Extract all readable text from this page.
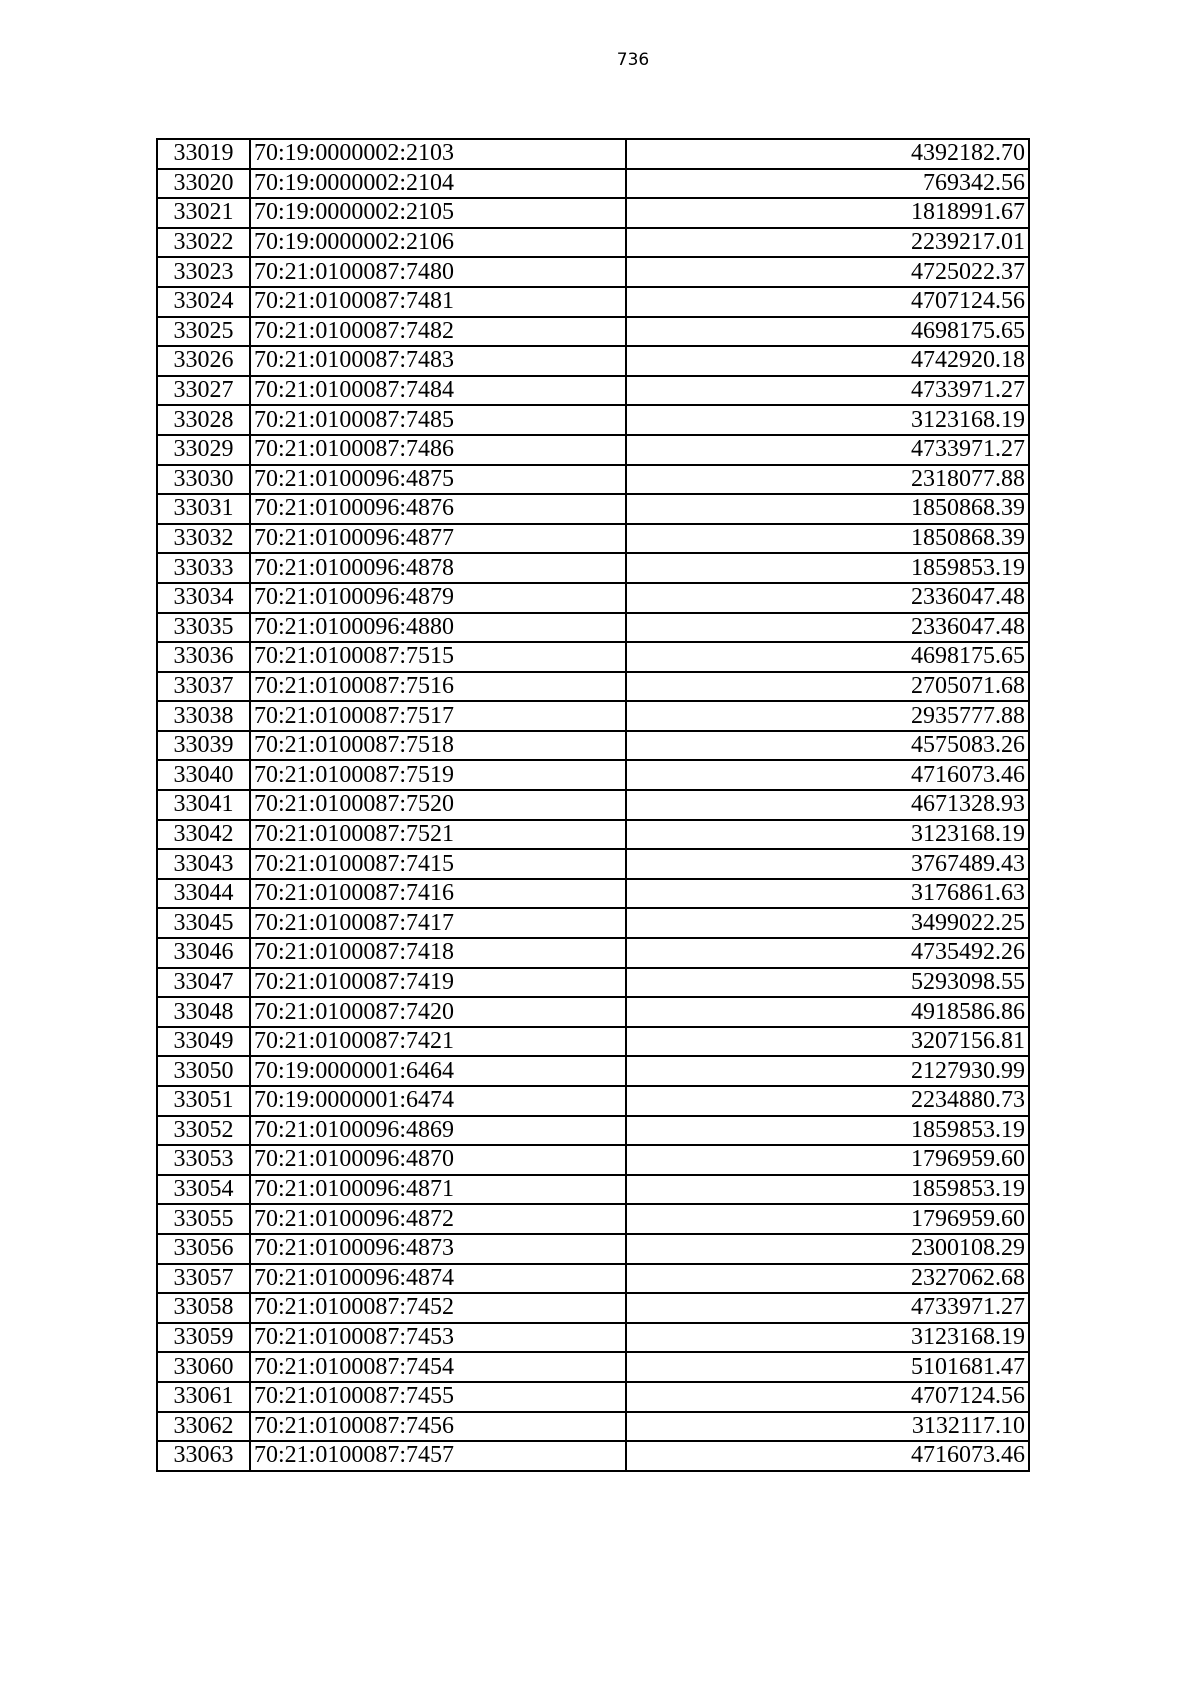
736
33019	70:19:0000002:2103	4392182.70
33020	70:19:0000002:2104	769342.56
33021	70:19:0000002:2105	1818991.67
33022	70:19:0000002:2106	2239217.01
33023	70:21:0100087:7480	4725022.37
33024	70:21:0100087:7481	4707124.56
33025	70:21:0100087:7482	4698175.65
33026	70:21:0100087:7483	4742920.18
33027	70:21:0100087:7484	4733971.27
33028	70:21:0100087:7485	3123168.19
33029	70:21:0100087:7486	4733971.27
33030	70:21:0100096:4875	2318077.88
33031	70:21:0100096:4876	1850868.39
33032	70:21:0100096:4877	1850868.39
33033	70:21:0100096:4878	1859853.19
33034	70:21:0100096:4879	2336047.48
33035	70:21:0100096:4880	2336047.48
33036	70:21:0100087:7515	4698175.65
33037	70:21:0100087:7516	2705071.68
33038	70:21:0100087:7517	2935777.88
33039	70:21:0100087:7518	4575083.26
33040	70:21:0100087:7519	4716073.46
33041	70:21:0100087:7520	4671328.93
33042	70:21:0100087:7521	3123168.19
33043	70:21:0100087:7415	3767489.43
33044	70:21:0100087:7416	3176861.63
33045	70:21:0100087:7417	3499022.25
33046	70:21:0100087:7418	4735492.26
33047	70:21:0100087:7419	5293098.55
33048	70:21:0100087:7420	4918586.86
33049	70:21:0100087:7421	3207156.81
33050	70:19:0000001:6464	2127930.99
33051	70:19:0000001:6474	2234880.73
33052	70:21:0100096:4869	1859853.19
33053	70:21:0100096:4870	1796959.60
33054	70:21:0100096:4871	1859853.19
33055	70:21:0100096:4872	1796959.60
33056	70:21:0100096:4873	2300108.29
33057	70:21:0100096:4874	2327062.68
33058	70:21:0100087:7452	4733971.27
33059	70:21:0100087:7453	3123168.19
33060	70:21:0100087:7454	5101681.47
33061	70:21:0100087:7455	4707124.56
33062	70:21:0100087:7456	3132117.10
33063	70:21:0100087:7457	4716073.46
